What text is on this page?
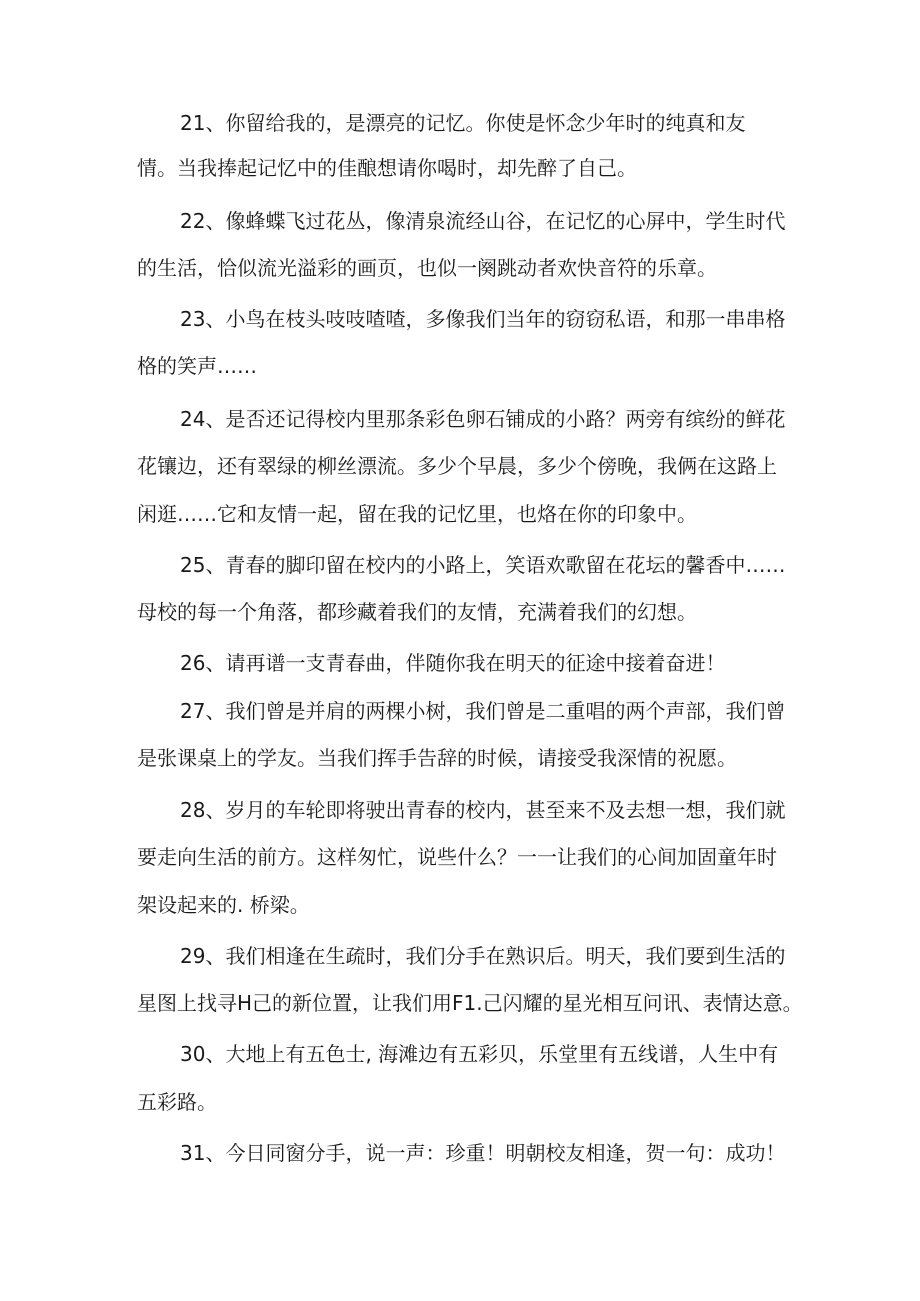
21、你留给我的，是漂亮的记忆。你使是怀念少年时的纯真和友
情。当我捧起记忆中的佳酿想请你喝时，却先醉了自己。
22、像蜂蝶飞过花丛，像清泉流经山谷，在记忆的心屏中，学生时代
的生活，恰似流光溢彩的画页，也似一阕跳动者欢快音符的乐章。
23、小鸟在枝头吱吱喳喳，多像我们当年的窃窃私语，和那一串串格
格的笑声……
24、是否还记得校内里那条彩色卵石铺成的小路？两旁有缤纷的鲜花
花镶边，还有翠绿的柳丝漂流。多少个早晨，多少个傍晚，我俩在这路上
闲逛……它和友情一起，留在我的记忆里，也烙在你的印象中。
25、青春的脚印留在校内的小路上，笑语欢歌留在花坛的馨香中……
母校的每一个角落，都珍藏着我们的友情，充满着我们的幻想。
26、请再谱一支青春曲，伴随你我在明天的征途中接着奋进！
27、我们曾是并肩的两棵小树，我们曾是二重唱的两个声部，我们曾
是张课桌上的学友。当我们挥手告辞的时候，请接受我深情的祝愿。
28、岁月的车轮即将驶出青春的校内，甚至来不及去想一想，我们就
要走向生活的前方。这样匆忙，说些什么？一一让我们的心间加固童年时
架设起来的. 桥梁。
29、我们相逢在生疏时，我们分手在熟识后。明天，我们要到生活的
星图上找寻H己的新位置，让我们用F1.己闪耀的星光相互问讯、表情达意。
30、大地上有五色士, 海滩边有五彩贝，乐堂里有五线谱，人生中有
五彩路。
31、今日同窗分手，说一声：珍重！明朝校友相逢，贺一句：成功！
